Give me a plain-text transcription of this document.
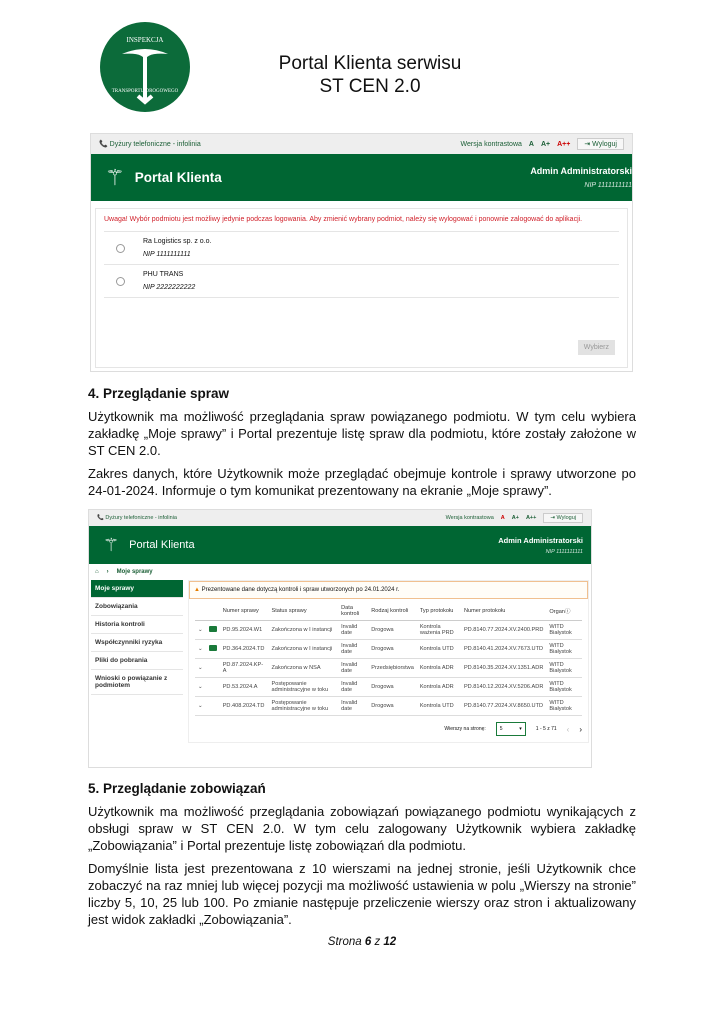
INSPEKCJA
TRANSPORTU DROGOWEGO
Portal Klienta serwisu
ST CEN 2.0
📞 Dyżury telefoniczne - infolinia	Wersja kontrastowa A A+ A++	⇥ Wyloguj
⚚ Portal Klienta	Admin Administratorski
NIP 1111111111
Uwaga! Wybór podmiotu jest możliwy jedynie podczas logowania. Aby zmienić wybrany podmiot, należy się wylogować i ponownie zalogować do aplikacji.
Ra Logistics sp. z o.o.
NIP 1111111111
PHU TRANS
NIP 2222222222
Wybierz
4. Przeglądanie spraw
Użytkownik ma możliwość przeglądania spraw powiązanego podmiotu. W tym celu wybiera zakładkę „Moje sprawy” i Portal prezentuje listę spraw dla podmiotu, które zostały założone w ST CEN 2.0.
Zakres danych, które Użytkownik może przeglądać obejmuje kontrole i sprawy utworzone po 24-01-2024. Informuje o tym komunikat prezentowany na ekranie „Moje sprawy”.
📞 Dyżury telefoniczne - infolinia	Wersja kontrastowa A A+ A++	⇥ Wyloguj
⚚ Portal Klienta	Admin Administratorski
NIP 1111111111
⌂ › Moje sprawy
Moje sprawy
Zobowiązania
Historia kontroli
Współczynniki ryzyka
Pliki do pobrania
Wnioski o powiązanie z podmiotem
▲ Prezentowane dane dotyczą kontroli i spraw utworzonych po 24.01.2024 r.
		Numer sprawy	Status sprawy	Data kontroli	Rodzaj kontroli	Typ protokołu	Numer protokołu	Organⓘ
⌄		PD.95.2024.W1	Zakończona w I instancji	Invalid date	Drogowa	Kontrola ważenia PRD	PD.8140.77.2024.XV.2400.PRD	WITD Białystok
⌄		PD.364.2024.TD	Zakończona w I instancji	Invalid date	Drogowa	Kontrola UTD	PD.8140.41.2024.XV.7673.UTD	WITD Białystok
⌄		PD.87.2024.KP-A	Zakończona w NSA	Invalid date	Przedsiębiorstwa	Kontrola ADR	PD.8140.35.2024.XV.1351.ADR	WITD Białystok
⌄		PD.53.2024.A	Postępowanie administracyjne w toku	Invalid date	Drogowa	Kontrola ADR	PD.8140.12.2024.XV.5206.ADR	WITD Białystok
⌄		PD.408.2024.TD	Postępowanie administracyjne w toku	Invalid date	Drogowa	Kontrola UTD	PD.8140.77.2024.XV.8650.UTD	WITD Białystok
Wierszy na stronę:	5	▾	1 - 5 z 71 ‹ ›
5. Przeglądanie zobowiązań
Użytkownik ma możliwość przeglądania zobowiązań powiązanego podmiotu wynikających z obsługi spraw w ST CEN 2.0. W tym celu zalogowany Użytkownik wybiera zakładkę „Zobowiązania” i Portal prezentuje listę zobowiązań dla podmiotu.
Domyślnie lista jest prezentowana z 10 wierszami na jednej stronie, jeśli Użytkownik chce zobaczyć na raz mniej lub więcej pozycji ma możliwość ustawienia w polu „Wierszy na stronie” liczby 5, 10, 25 lub 100. Po zmianie następuje przeliczenie wierszy oraz stron i aktualizowany jest widok zakładki „Zobowiązania”.
Strona 6 z 12
